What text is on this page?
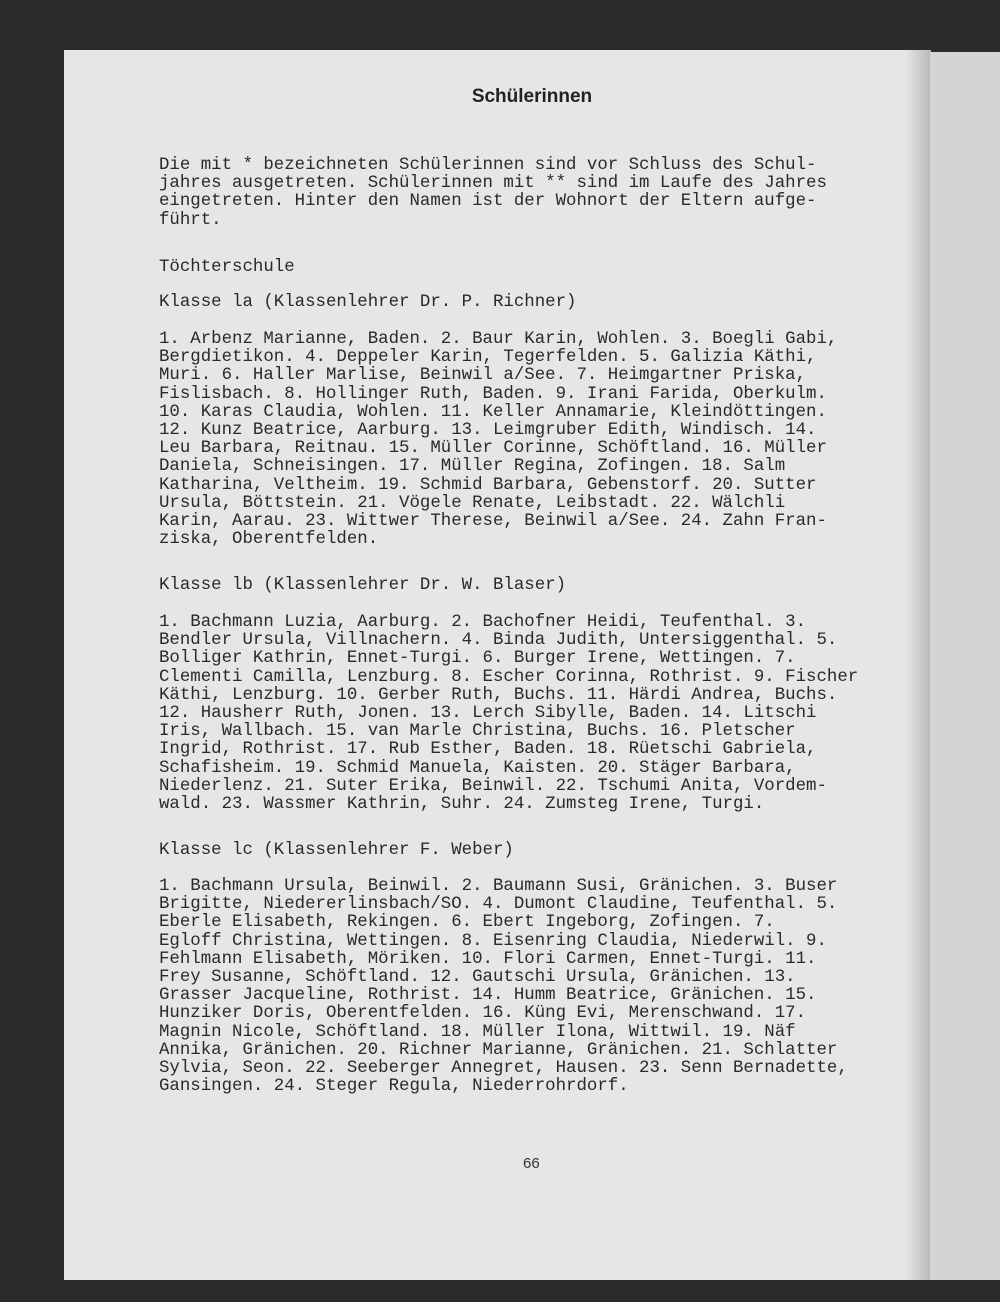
Schülerinnen

Die mit * bezeichneten Schülerinnen sind vor Schluss des Schul-
jahres ausgetreten. Schülerinnen mit ** sind im Laufe des Jahres
eingetreten. Hinter den Namen ist der Wohnort der Eltern aufge-
führt.

Töchterschule

Klasse la (Klassenlehrer Dr. P. Richner)

1. Arbenz Marianne, Baden. 2. Baur Karin, Wohlen. 3. Boegli Gabi,
Bergdietikon. 4. Deppeler Karin, Tegerfelden. 5. Galizia Käthi,
Muri. 6. Haller Marlise, Beinwil a/See. 7. Heimgartner Priska,
Fislisbach. 8. Hollinger Ruth, Baden. 9. Irani Farida, Oberkulm.
10. Karas Claudia, Wohlen. 11. Keller Annamarie, Kleindöttingen.
12. Kunz Beatrice, Aarburg. 13. Leimgruber Edith, Windisch. 14.
Leu Barbara, Reitnau. 15. Müller Corinne, Schöftland. 16. Müller
Daniela, Schneisingen. 17. Müller Regina, Zofingen. 18. Salm
Katharina, Veltheim. 19. Schmid Barbara, Gebenstorf. 20. Sutter
Ursula, Böttstein. 21. Vögele Renate, Leibstadt. 22. Wälchli
Karin, Aarau. 23. Wittwer Therese, Beinwil a/See. 24. Zahn Fran-
ziska, Oberentfelden.

Klasse lb (Klassenlehrer Dr. W. Blaser)

1. Bachmann Luzia, Aarburg. 2. Bachofner Heidi, Teufenthal. 3.
Bendler Ursula, Villnachern. 4. Binda Judith, Untersiggenthal. 5.
Bolliger Kathrin, Ennet-Turgi. 6. Burger Irene, Wettingen. 7.
Clementi Camilla, Lenzburg. 8. Escher Corinna, Rothrist. 9. Fischer
Käthi, Lenzburg. 10. Gerber Ruth, Buchs. 11. Härdi Andrea, Buchs.
12. Hausherr Ruth, Jonen. 13. Lerch Sibylle, Baden. 14. Litschi
Iris, Wallbach. 15. van Marle Christina, Buchs. 16. Pletscher
Ingrid, Rothrist. 17. Rub Esther, Baden. 18. Rüetschi Gabriela,
Schafisheim. 19. Schmid Manuela, Kaisten. 20. Stäger Barbara,
Niederlenz. 21. Suter Erika, Beinwil. 22. Tschumi Anita, Vordem-
wald. 23. Wassmer Kathrin, Suhr. 24. Zumsteg Irene, Turgi.

Klasse lc (Klassenlehrer F. Weber)

1. Bachmann Ursula, Beinwil. 2. Baumann Susi, Gränichen. 3. Buser
Brigitte, Niedererlinsbach/SO. 4. Dumont Claudine, Teufenthal. 5.
Eberle Elisabeth, Rekingen. 6. Ebert Ingeborg, Zofingen. 7.
Egloff Christina, Wettingen. 8. Eisenring Claudia, Niederwil. 9.
Fehlmann Elisabeth, Möriken. 10. Flori Carmen, Ennet-Turgi. 11.
Frey Susanne, Schöftland. 12. Gautschi Ursula, Gränichen. 13.
Grasser Jacqueline, Rothrist. 14. Humm Beatrice, Gränichen. 15.
Hunziker Doris, Oberentfelden. 16. Küng Evi, Merenschwand. 17.
Magnin Nicole, Schöftland. 18. Müller Ilona, Wittwil. 19. Näf
Annika, Gränichen. 20. Richner Marianne, Gränichen. 21. Schlatter
Sylvia, Seon. 22. Seeberger Annegret, Hausen. 23. Senn Bernadette,
Gansingen. 24. Steger Regula, Niederrohrdorf.

66
